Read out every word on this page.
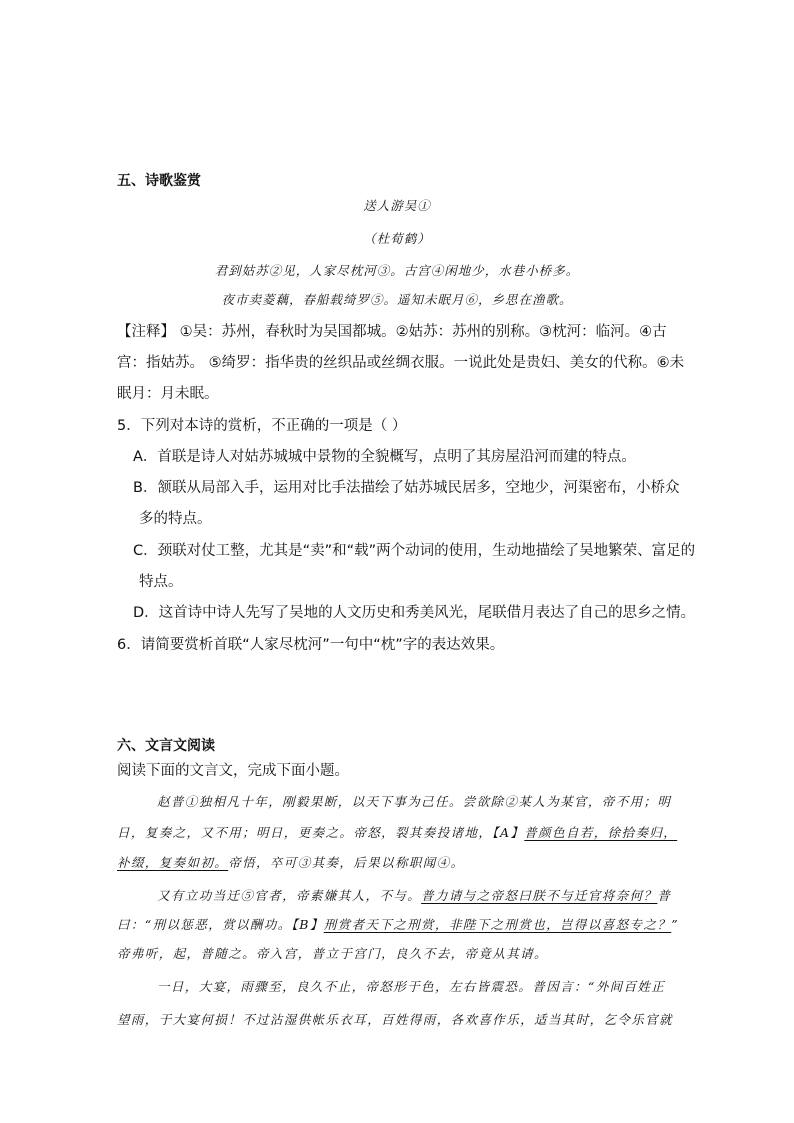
五、诗歌鉴赏
送人游吴①
（杜荀鹤）
君到姑苏②见，人家尽枕河③。古宫④闲地少，水巷小桥多。
夜市卖菱藕，春船载绮罗⑤。遥知未眠月⑥，乡思在渔歌。
【注释】 ①吴：苏州，春秋时为吴国都城。②姑苏：苏州的别称。③枕河：临河。④古
宫：指姑苏。 ⑤绮罗：指华贵的丝织品或丝绸衣服。一说此处是贵妇、美女的代称。⑥未
眠月：月未眠。
5．下列对本诗的赏析，不正确的一项是（ ）
A．首联是诗人对姑苏城城中景物的全貌概写，点明了其房屋沿河而建的特点。
B．颔联从局部入手，运用对比手法描绘了姑苏城民居多，空地少，河渠密布，小桥众
多的特点。
C．颈联对仗工整，尤其是“卖”和“载”两个动词的使用，生动地描绘了吴地繁荣、富足的
特点。
D．这首诗中诗人先写了吴地的人文历史和秀美风光，尾联借月表达了自己的思乡之情。
6．请简要赏析首联“人家尽枕河”一句中“枕”字的表达效果。
六、文言文阅读
阅读下面的文言文，完成下面小题。
赵普①独相凡十年，刚毅果断，以天下事为己任。尝欲除②某人为某官，帝不用；明
日，复奏之，又不用；明日，更奏之。帝怒，裂其奏投诸地，【A】普颜色自若，徐拾奏归，
补缀，复奏如初。帝悟，卒可③其奏，后果以称职闻④。
又有立功当迁⑤官者，帝素嫌其人，不与。普力请与之帝怒曰朕不与迁官将奈何？普
曰：“刑以惩恶，赏以酬功。【B】刑赏者天下之刑赏，非陛下之刑赏也，岂得以喜怒专之？”
帝弗听，起，普随之。帝入宫，普立于宫门，良久不去，帝竟从其请。
一日，大宴，雨骤至，良久不止，帝怒形于色，左右皆震恐。普因言：“外间百姓正
望雨，于大宴何损！不过沾湿供帐乐衣耳，百姓得雨，各欢喜作乐，适当其时，乞令乐官就
